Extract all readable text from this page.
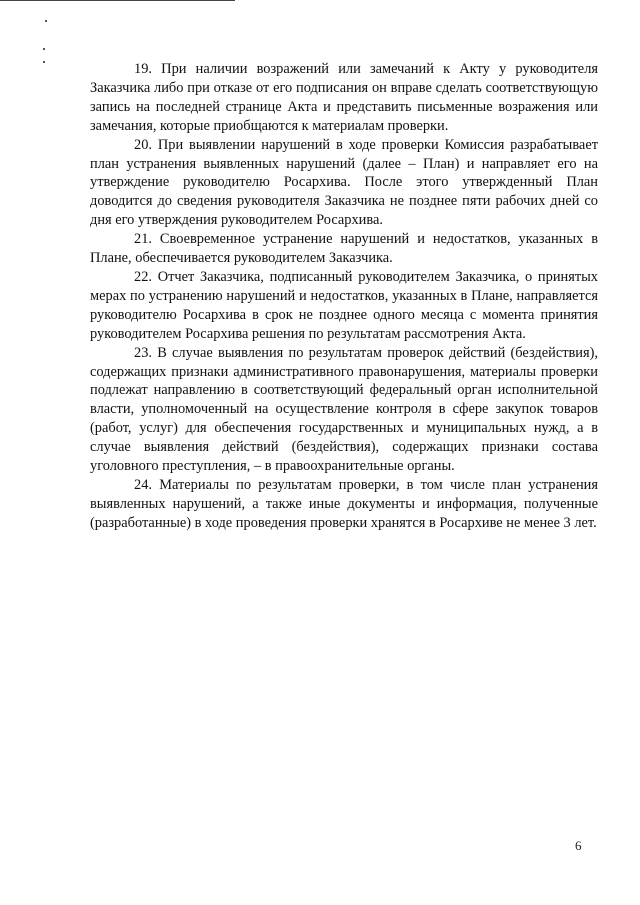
19. При наличии возражений или замечаний к Акту у руководителя Заказчика либо при отказе от его подписания он вправе сделать соответствующую запись на последней странице Акта и представить письменные возражения или замечания, которые приобщаются к материалам проверки.

20. При выявлении нарушений в ходе проверки Комиссия разрабатывает план устранения выявленных нарушений (далее – План) и направляет его на утверждение руководителю Росархива. После этого утвержденный План доводится до сведения руководителя Заказчика не позднее пяти рабочих дней со дня его утверждения руководителем Росархива.

21. Своевременное устранение нарушений и недостатков, указанных в Плане, обеспечивается руководителем Заказчика.

22. Отчет Заказчика, подписанный руководителем Заказчика, о принятых мерах по устранению нарушений и недостатков, указанных в Плане, направляется руководителю Росархива в срок не позднее одного месяца с момента принятия руководителем Росархива решения по результатам рассмотрения Акта.

23. В случае выявления по результатам проверок действий (бездействия), содержащих признаки административного правонарушения, материалы проверки подлежат направлению в соответствующий федеральный орган исполнительной власти, уполномоченный на осуществление контроля в сфере закупок товаров (работ, услуг) для обеспечения государственных и муниципальных нужд, а в случае выявления действий (бездействия), содержащих признаки состава уголовного преступления, – в правоохранительные органы.

24. Материалы по результатам проверки, в том числе план устранения выявленных нарушений, а также иные документы и информация, полученные (разработанные) в ходе проведения проверки хранятся в Росархиве не менее 3 лет.

6
